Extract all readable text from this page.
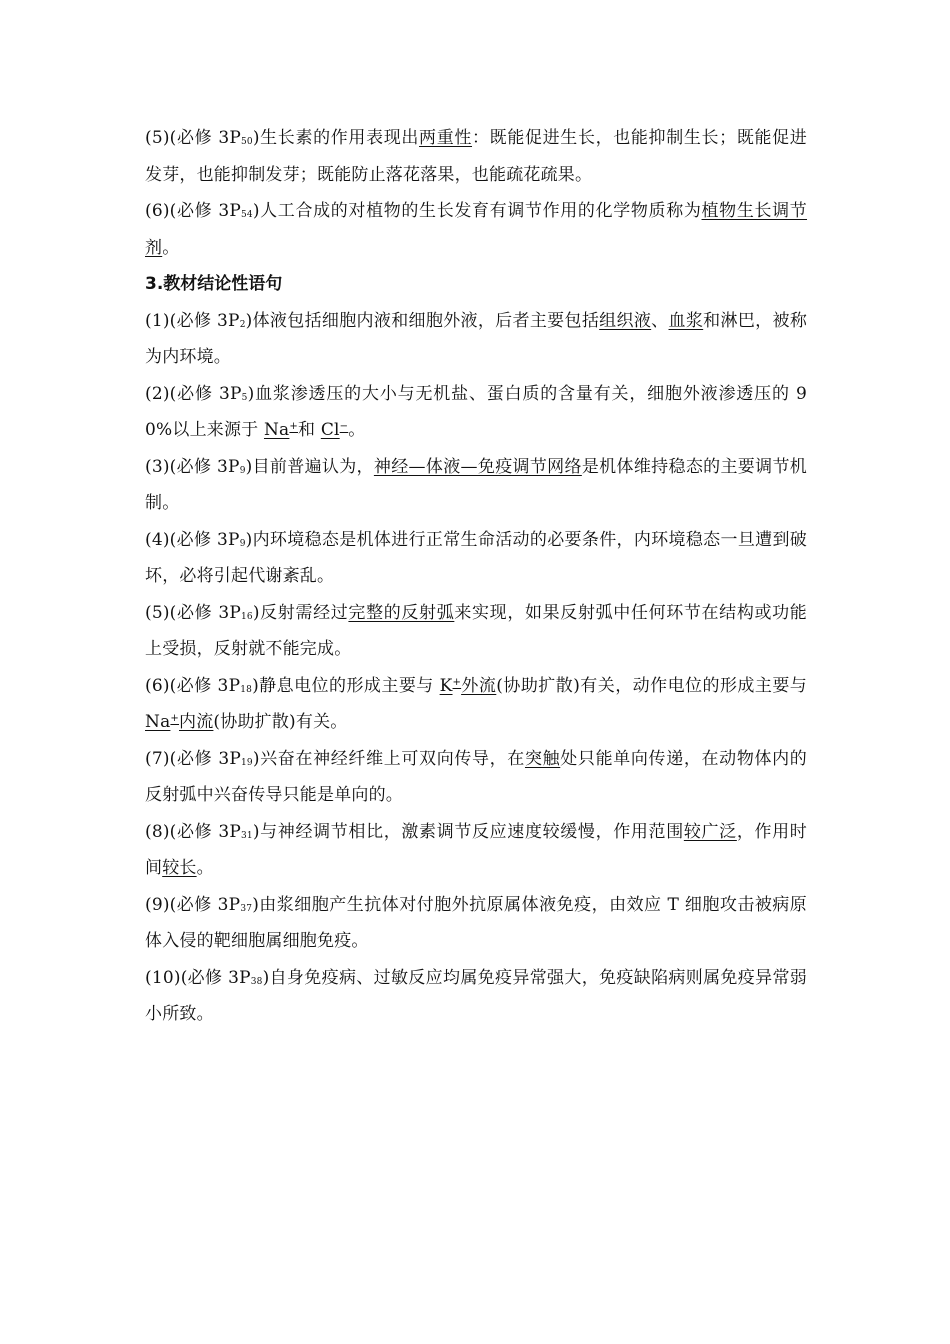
(5)(必修 $3P_{50}$)生长素的作用表现出两重性：既能促进生长，也能抑制生长；既能促进发芽，也能抑制发芽；既能防止落花落果，也能疏花疏果。

(6)(必修 $3P_{54}$)人工合成的对植物的生长发育有调节作用的化学物质称为植物生长调节剂。

3.教材结论性语句

(1)(必修 $3P_2$)体液包括细胞内液和细胞外液，后者主要包括组织液、血浆和淋巴，被称为内环境。

(2)(必修 $3P_5$)血浆渗透压的大小与无机盐、蛋白质的含量有关，细胞外液渗透压的 90%以上来源于 Na+和 Cl−。

(3)(必修 $3P_9$)目前普遍认为，神经—体液—免疫调节网络是机体维持稳态的主要调节机制。

(4)(必修 $3P_9$)内环境稳态是机体进行正常生命活动的必要条件，内环境稳态一旦遭到破坏，必将引起代谢紊乱。

(5)(必修 $3P_{16}$)反射需经过完整的反射弧来实现，如果反射弧中任何环节在结构或功能上受损，反射就不能完成。

(6)(必修 $3P_{18}$)静息电位的形成主要与 K+外流(协助扩散)有关，动作电位的形成主要与 Na+内流(协助扩散)有关。

(7)(必修 $3P_{19}$)兴奋在神经纤维上可双向传导，在突触处只能单向传递，在动物体内的反射弧中兴奋传导只能是单向的。

(8)(必修 $3P_{31}$)与神经调节相比，激素调节反应速度较缓慢，作用范围较广泛，作用时间较长。

(9)(必修 $3P_{37}$)由浆细胞产生抗体对付胞外抗原属体液免疫，由效应 T 细胞攻击被病原体入侵的靶细胞属细胞免疫。

(10)(必修 $3P_{38}$)自身免疫病、过敏反应均属免疫异常强大，免疫缺陷病则属免疫异常弱小所致。
